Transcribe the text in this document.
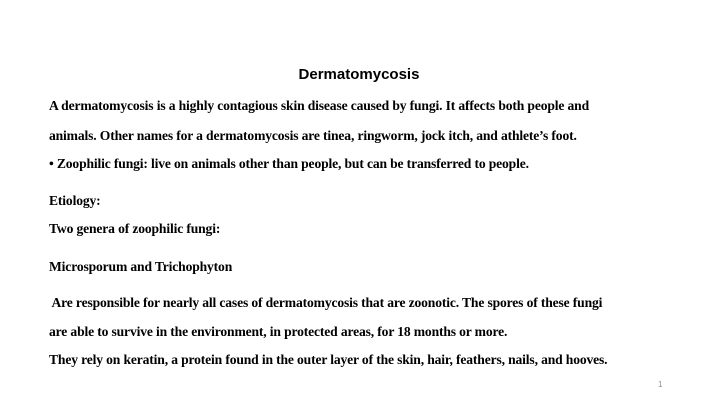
Dermatomycosis
A dermatomycosis is a highly contagious skin disease caused by fungi. It affects both people and
animals. Other names for a dermatomycosis are tinea, ringworm, jock itch, and athlete’s foot.
• Zoophilic fungi: live on animals other than people, but can be transferred to people.
Etiology:
Two genera of zoophilic fungi:
Microsporum and Trichophyton
Are responsible for nearly all cases of dermatomycosis that are zoonotic. The spores of these fungi
are able to survive in the environment, in protected areas, for 18 months or more.
They rely on keratin, a protein found in the outer layer of the skin, hair, feathers, nails, and hooves.
1
